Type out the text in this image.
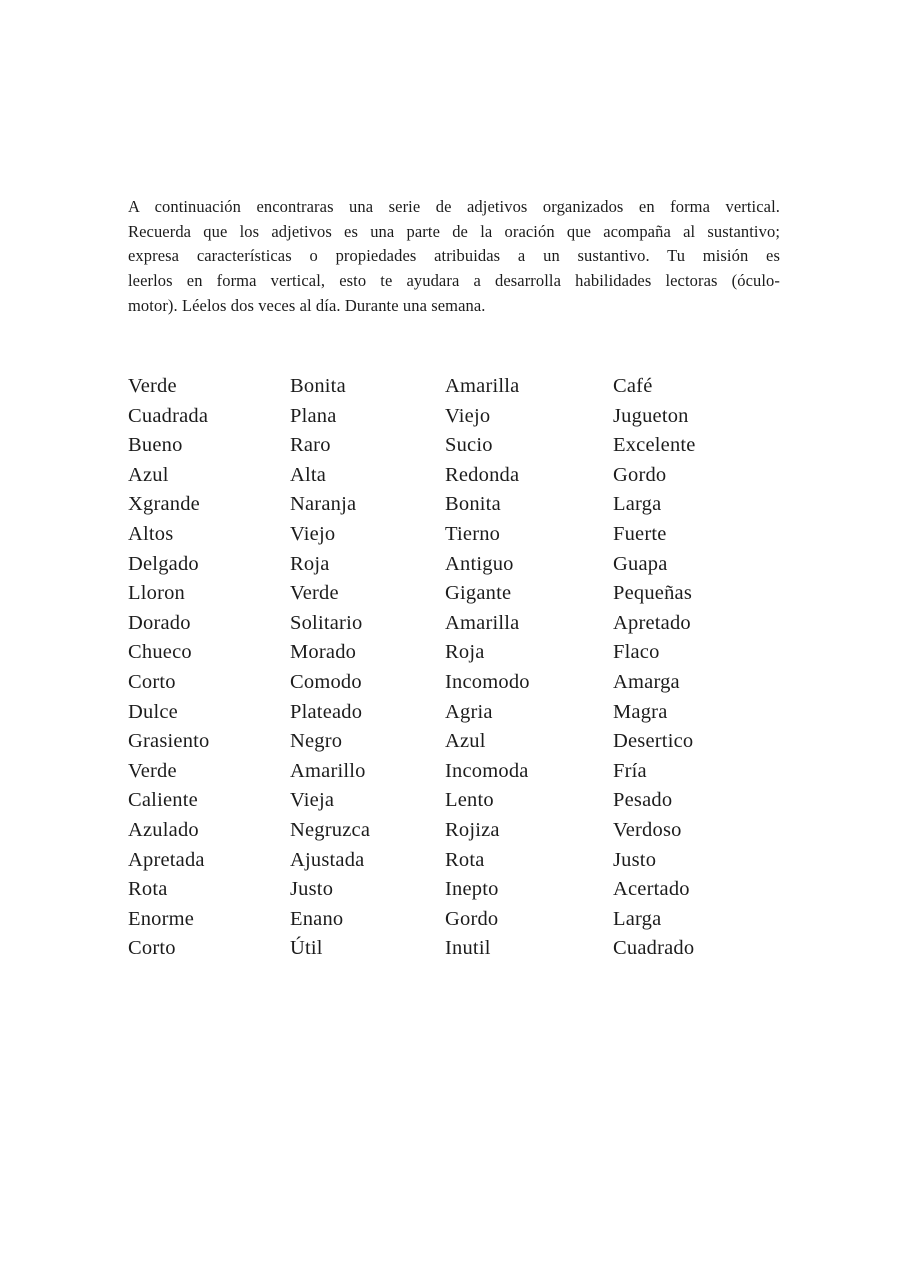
A continuación encontraras una serie de adjetivos organizados en forma vertical.
Recuerda que los adjetivos es una parte de la oración que acompaña al sustantivo;
expresa características o propiedades atribuidas a un sustantivo. Tu misión es
leerlos en forma vertical, esto te ayudara a desarrolla habilidades lectoras (óculo-
motor). Léelos dos veces al día. Durante una semana.
Verde
Cuadrada
Bueno
Azul
Xgrande
Altos
Delgado
Lloron
Dorado
Chueco
Corto
Dulce
Grasiento
Verde
Caliente
Azulado
Apretada
Rota
Enorme
Corto
Bonita
Plana
Raro
Alta
Naranja
Viejo
Roja
Verde
Solitario
Morado
Comodo
Plateado
Negro
Amarillo
Vieja
Negruzca
Ajustada
Justo
Enano
Útil
Amarilla
Viejo
Sucio
Redonda
Bonita
Tierno
Antiguo
Gigante
Amarilla
Roja
Incomodo
Agria
Azul
Incomoda
Lento
Rojiza
Rota
Inepto
Gordo
Inutil
Café
Jugueton
Excelente
Gordo
Larga
Fuerte
Guapa
Pequeñas
Apretado
Flaco
Amarga
Magra
Desertico
Fría
Pesado
Verdoso
Justo
Acertado
Larga
Cuadrado
